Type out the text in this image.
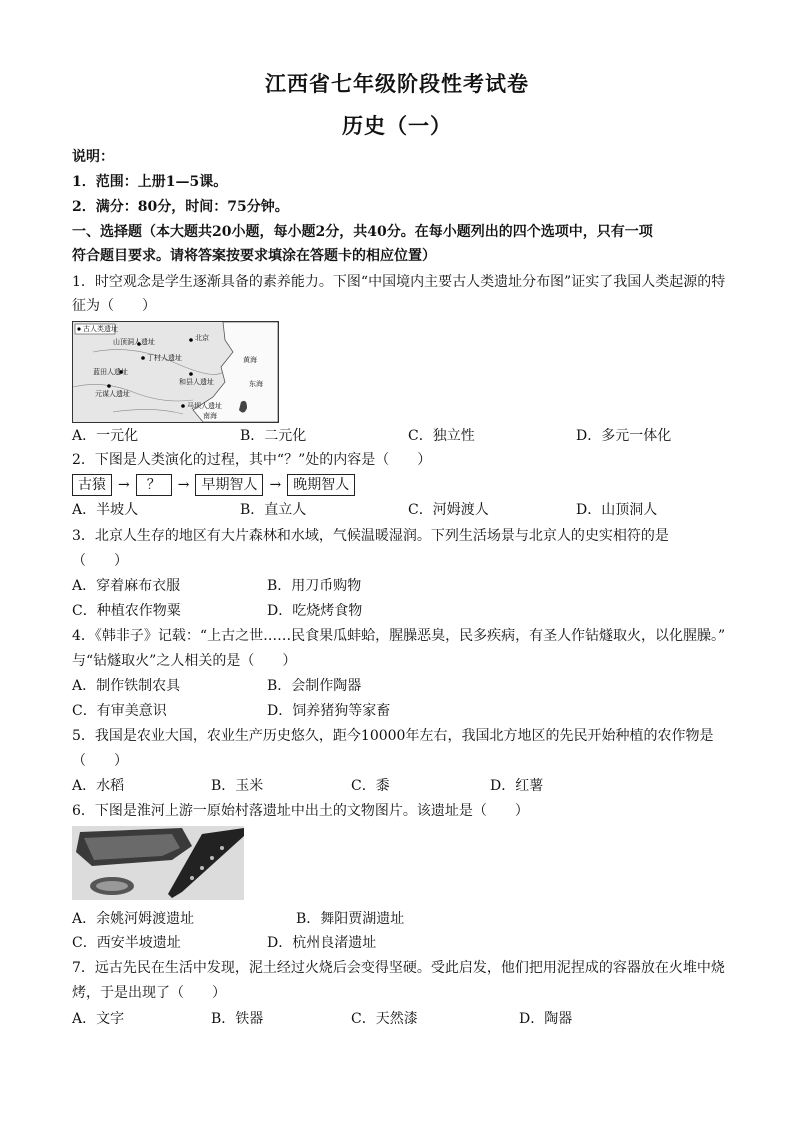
江西省七年级阶段性考试卷
历史（一）
说明：
1．范围：上册1—5课。
2．满分：80分，时间：75分钟。
一、选择题（本大题共20小题，每小题2分，共40分。在每小题列出的四个选项中，只有一项
符合题目要求。请将答案按要求填涂在答题卡的相应位置）
1．时空观念是学生逐渐具备的素养能力。下图“中国境内主要古人类遗址分布图”证实了我国人类起源的特
征为（　　）
古人类遗址
北京
山顶洞人遗址
丁村人遗址	黄海
蓝田人遗址
和县人遗址	东海
元谋人遗址
马坝人遗址
南海
A．一元化	B．二元化	C．独立性	D．多元一体化
2．下图是人类演化的过程，其中“？”处的内容是（　　）
古猿 →	？	→ 早期智人 → 晚期智人
A．半坡人	B．直立人	C．河姆渡人	D．山顶洞人
3．北京人生存的地区有大片森林和水域，气候温暖湿润。下列生活场景与北京人的史实相符的是
（　　）
A．穿着麻布衣服	B．用刀币购物
C．种植农作物粟	D．吃烧烤食物
4．《韩非子》记载：“上古之世……民食果瓜蚌蛤，腥臊恶臭，民多疾病，有圣人作钻燧取火，以化腥臊。”
与“钻燧取火”之人相关的是（　　）
A．制作铁制农具	B．会制作陶器
C．有审美意识	D．饲养猪狗等家畜
5．我国是农业大国，农业生产历史悠久，距今10000年左右，我国北方地区的先民开始种植的农作物是
（　　）
A．水稻	B．玉米	C．黍	D．红薯
6．下图是淮河上游一原始村落遗址中出土的文物图片。该遗址是（　　）
A．余姚河姆渡遗址	B．舞阳贾湖遗址
C．西安半坡遗址	D．杭州良渚遗址
7．远古先民在生活中发现，泥土经过火烧后会变得坚硬。受此启发，他们把用泥捏成的容器放在火堆中烧
烤，于是出现了（　　）
A．文字	B．铁器	C．天然漆	D．陶器
